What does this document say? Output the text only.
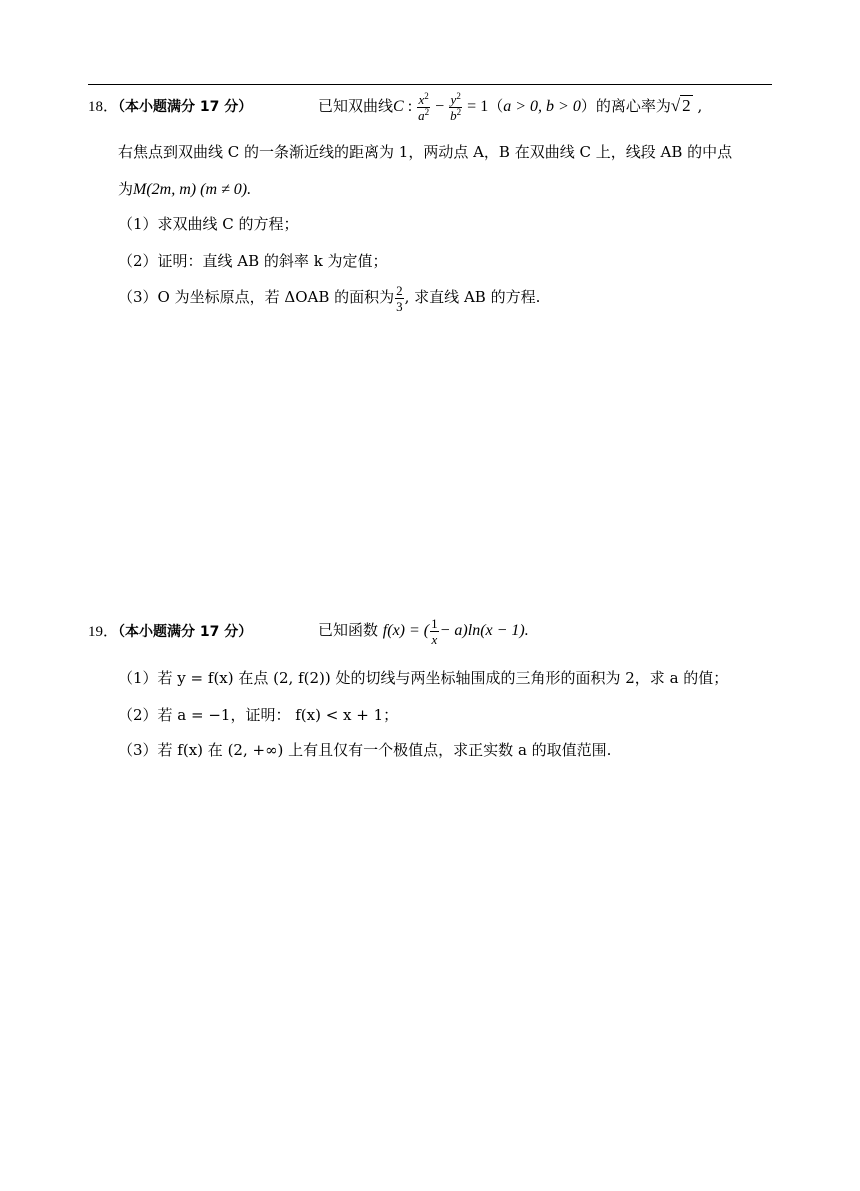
18．（本小题满分 17 分）	已知双曲线C : $\frac{x^2}{a^2} - \frac{y^2}{b^2} = 1(a > 0$, b > 0）的离心率为√ 2 ,
右焦点到双曲线 C 的一条渐近线的距离为 1，两动点 A，B 在双曲线 C 上，线段 AB 的中点
为M(2m, m) (m ≠ 0).
（1）求双曲线 C 的方程；
（2）证明：直线 AB 的斜率 k 为定值；
（3）O 为坐标原点，若 ΔOAB 的面积为 $\frac{2}{3}$ , 求直线 AB 的方程.
19．（本小题满分 17 分）	已知函数 f(x) = ( $\frac{1}{x} - a)\ln(x - 1)$.
（1）若 y = f(x) 在点 (2, f(2)) 处的切线与两坐标轴围成的三角形的面积为 2，求 a 的值；
（2）若 a = −1，证明： f(x) < x + 1；
（3）若 f(x) 在 (2, +∞) 上有且仅有一个极值点，求正实数 a 的取值范围.
